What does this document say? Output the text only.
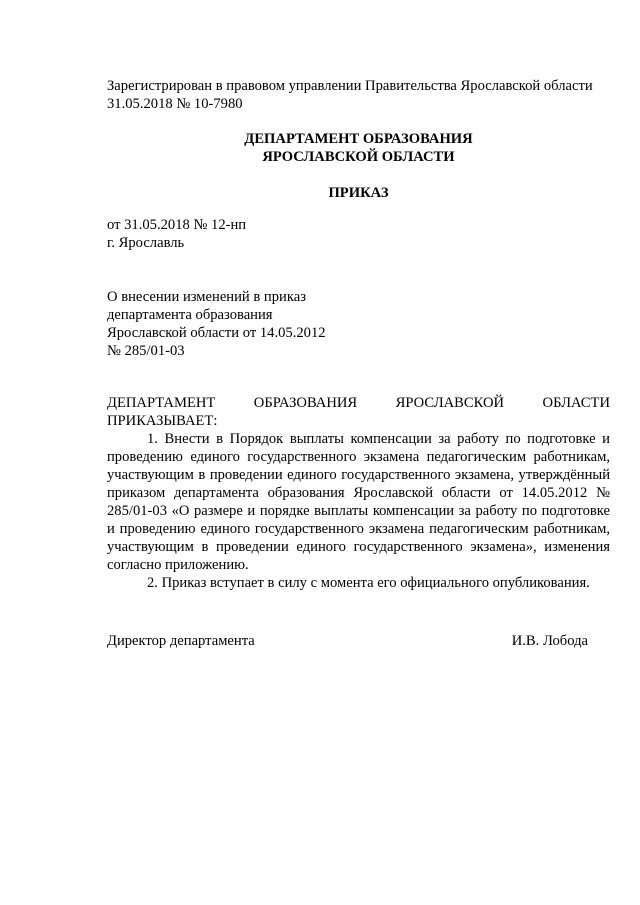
Зарегистрирован в правовом управлении Правительства Ярославской области
31.05.2018 № 10-7980
ДЕПАРТАМЕНТ ОБРАЗОВАНИЯ
ЯРОСЛАВСКОЙ ОБЛАСТИ
ПРИКАЗ
от 31.05.2018 № 12-нп
г. Ярославль
О внесении изменений в приказ
департамента образования
Ярославской области от 14.05.2012
№ 285/01-03
ДЕПАРТАМЕНТ	ОБРАЗОВАНИЯ	ЯРОСЛАВСКОЙ	ОБЛАСТИ
ПРИКАЗЫВАЕТ:
1. Внести в Порядок выплаты компенсации за работу по подготовке и проведению единого государственного экзамена педагогическим работникам, участвующим в проведении единого государственного экзамена, утверждённый приказом департамента образования Ярославской области от 14.05.2012 № 285/01-03 «О размере и порядке выплаты компенсации за работу по подготовке и проведению единого государственного экзамена педагогическим работникам, участвующим в проведении единого государственного экзамена», изменения согласно приложению.
2. Приказ вступает в силу с момента его официального опубликования.
Директор департамента	И.В. Лобода
